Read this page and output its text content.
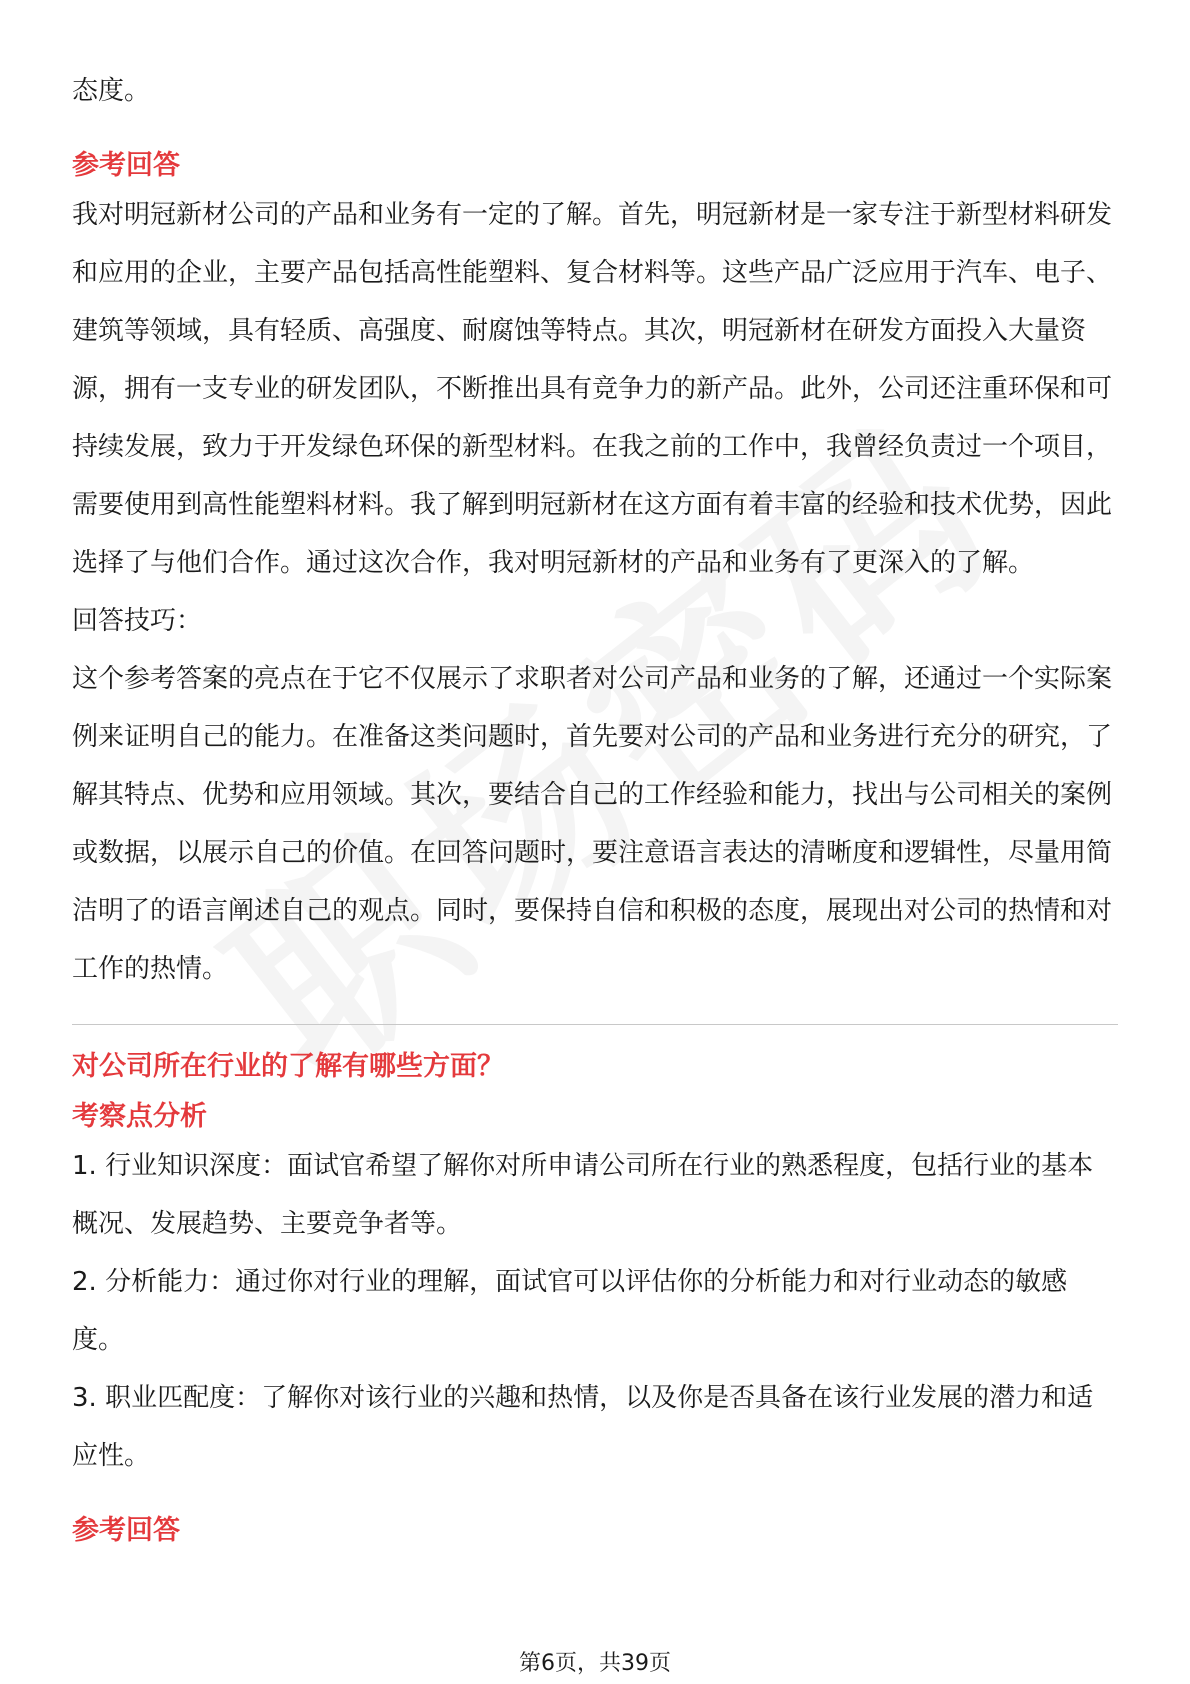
态度。

参考回答

我对明冠新材公司的产品和业务有一定的了解。首先，明冠新材是一家专注于新型材料研发和应用的企业，主要产品包括高性能塑料、复合材料等。这些产品广泛应用于汽车、电子、建筑等领域，具有轻质、高强度、耐腐蚀等特点。其次，明冠新材在研发方面投入大量资源，拥有一支专业的研发团队，不断推出具有竞争力的新产品。此外，公司还注重环保和可持续发展，致力于开发绿色环保的新型材料。在我之前的工作中，我曾经负责过一个项目，需要使用到高性能塑料材料。我了解到明冠新材在这方面有着丰富的经验和技术优势，因此选择了与他们合作。通过这次合作，我对明冠新材的产品和业务有了更深入的了解。

回答技巧：

这个参考答案的亮点在于它不仅展示了求职者对公司产品和业务的了解，还通过一个实际案例来证明自己的能力。在准备这类问题时，首先要对公司的产品和业务进行充分的研究，了解其特点、优势和应用领域。其次，要结合自己的工作经验和能力，找出与公司相关的案例或数据，以展示自己的价值。在回答问题时，要注意语言表达的清晰度和逻辑性，尽量用简洁明了的语言阐述自己的观点。同时，要保持自信和积极的态度，展现出对公司的热情和对工作的热情。

对公司所在行业的了解有哪些方面？

考察点分析

1. 行业知识深度：面试官希望了解你对所申请公司所在行业的熟悉程度，包括行业的基本概况、发展趋势、主要竞争者等。

2. 分析能力：通过你对行业的理解，面试官可以评估你的分析能力和对行业动态的敏感度。

3. 职业匹配度：了解你对该行业的兴趣和热情，以及你是否具备在该行业发展的潜力和适应性。

参考回答

第6页，共39页
